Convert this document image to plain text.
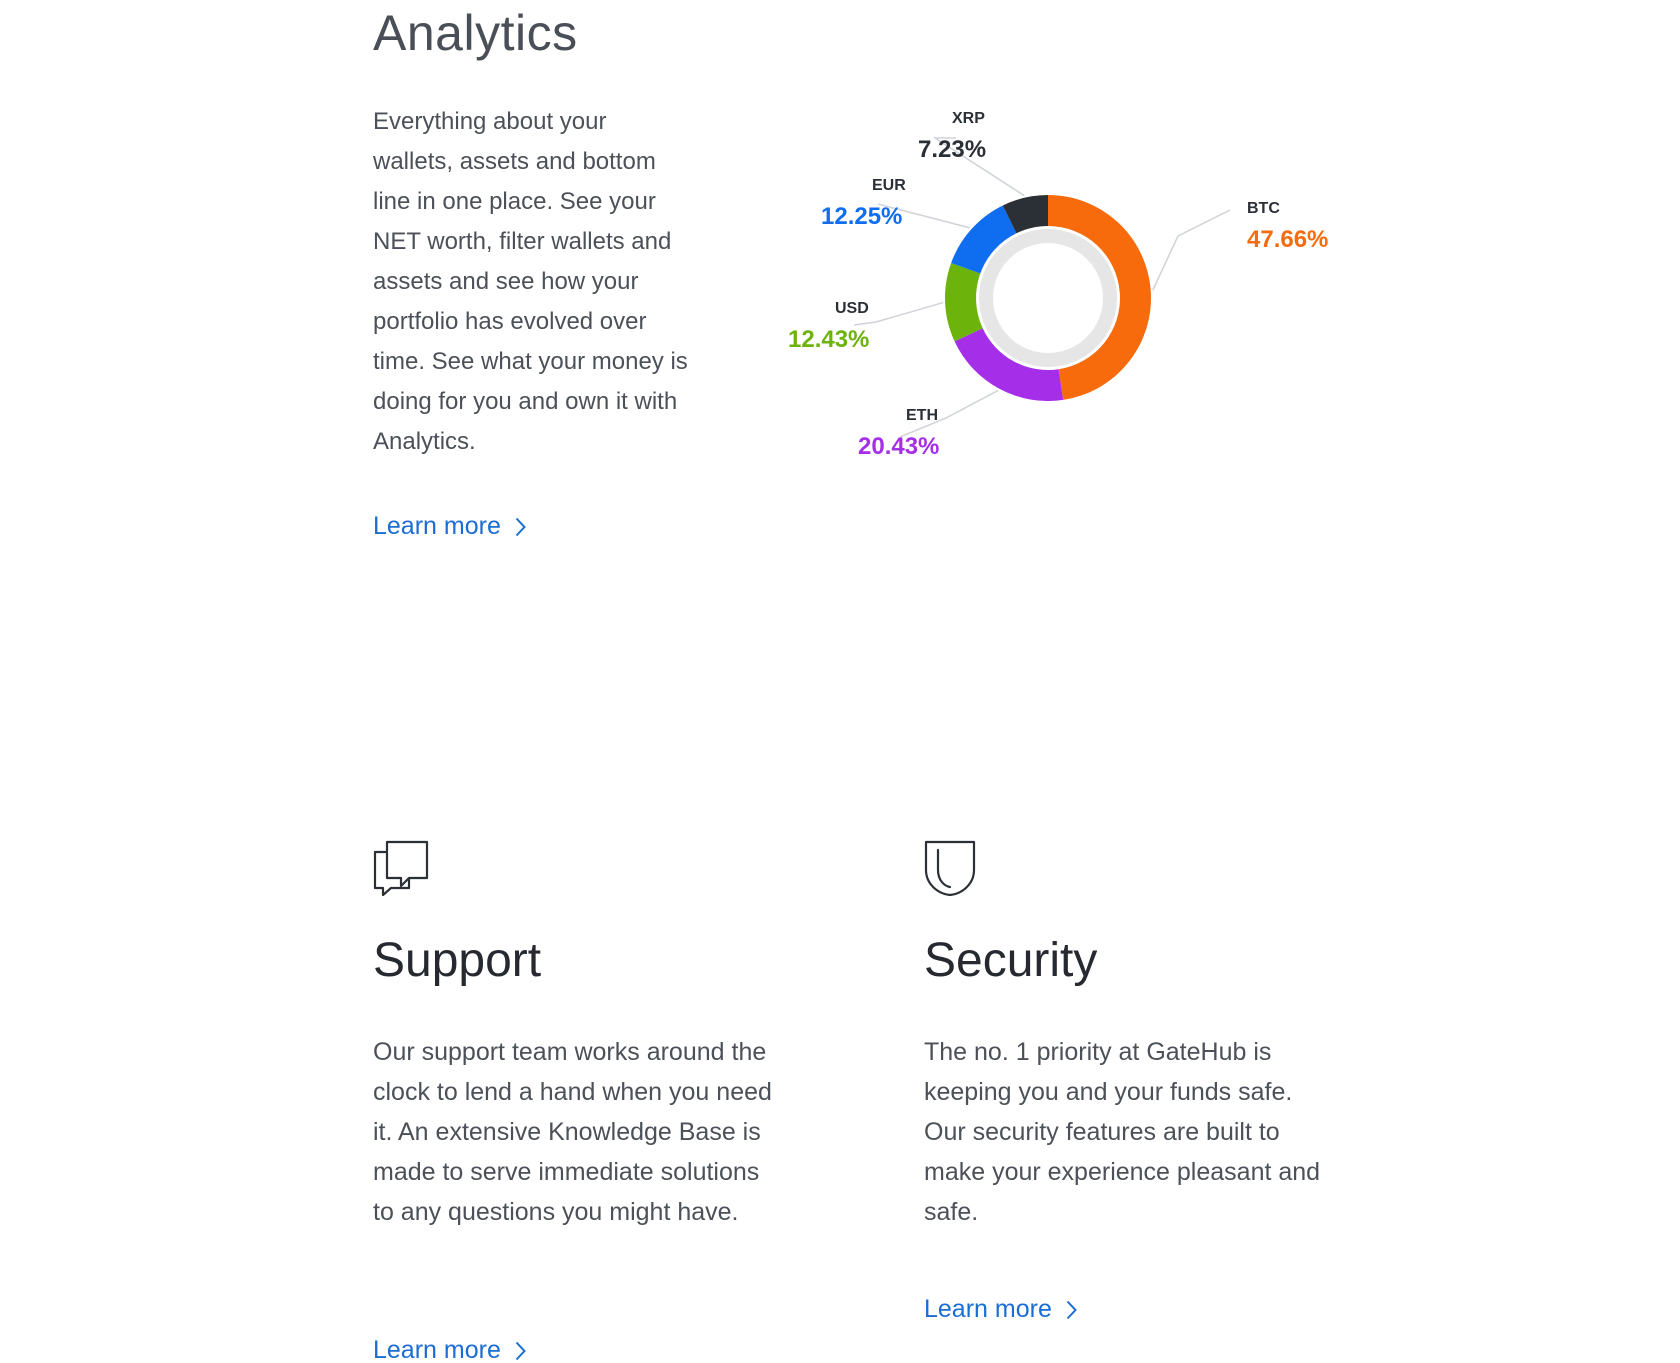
Analytics

Everything about your wallets, assets and bottom line in one place. See your NET worth, filter wallets and assets and see how your portfolio has evolved over time. See what your money is doing for you and own it with Analytics.

Learn more
XRP
7.23%
EUR
12.25%	BTC
47.66%
USD
12.43%
ETH
20.43%
Support

Our support team works around the clock to lend a hand when you need it. An extensive Knowledge Base is made to serve immediate solutions to any questions you might have.

Learn more
Security

The no. 1 priority at GateHub is keeping you and your funds safe. Our security features are built to make your experience pleasant and safe.

Learn more
